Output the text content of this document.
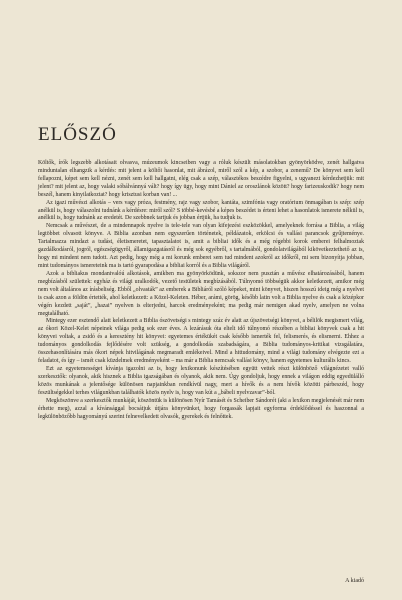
ELŐSZÓ

Költők, írók legszebb alkotásait olvasva, múzeumok kincseiben vagy a róluk készült másolatokban gyönyörködve, zenét hallgatva minduntalan elhangzik a kérdés: mit jelent a költői hasonlat, mit ábrázol, miről szól a kép, a szobor, a zenemű? De könyvet sem kell fellapozni, képet sem kell nézni, zenét sem kell hallgatni, elég csak a szép, választékos beszédre figyelni, s ugyanezt kérdezhetjük: mit jelent? mit jelent az, hogy valaki sóbálvánnyá vált? hogy így ügy, hogy mint Dániel az oroszlánok között? hogy farizeuskodik? hogy nem beszél, hanem kinyilatkoztat? hogy krisztusi korban van! ...

Az igazi művészi alkotás – vers vagy próza, festmény, rajz vagy szobor, kantáta, szimfónia vagy oratórium önmagában is szép: szép anélkül is, hogy válaszolni tudnánk a kérdésre: miről szól? S többé-kevésbé a képes beszédet is érteni lehet a hasonlatok ismerete nélkül is, anélkül is, hogy tudnánk az eredetét. De szebbnek tartjuk és jobban értjük, ha tudjuk is.

Nemcsak a művészet, de a mindennapok nyelve is tele-tele van olyan kifejezési eszközökkel, amelyeknek forrása a Biblia, a világ legtöbbet olvasott könyve. A Biblia azonban nem egyszerűen történetek, példázatok, erkölcsi és vallási parancsok gyűjteménye. Tartalmazza mindazt a tudást, életismeretet, tapasztalatot is, amit a bibliai idők és a még régebbi korok emberei felhalmoztak gazdálkodásról, jogról, egészségügyről, államigazgatásról és még sok egyébről, s tartalmából, gondolatvilágából kikövetkeztethető az is, hogy mi mindent nem tudott. Azt pedig, hogy még a mi korunk emberei sem tud mindent azokról az időkről, mi sem bizonyítja jobban, mint tudományos ismereteink ma is tartó gyarapodása a bibliai korról és a Biblia világáról.

Azok a bibliakus mondanivalóú alkotások, amikben ma gyönyörködünk, sokszor nem pusztán a művész elhatározásából, hanem megbízásból születtek: egyház és világi uralkodók, vezető testületek megbízásából. Túlnyomó többségük akkor keletkezett, amikor még nem volt általános az írásbeliség. Ebből „olvasták” az emberek a Bibliáról szóló képeket, mint könyvet, hiszen hosszú ideig még a nyelvet is csak azon a földön értették, ahol keletkezett: a Közel-Keleten. Héber, arámi, görög, később latin volt a Biblia nyelve és csak a középkor végén kezdett „saját”, „hazai” nyelven is elterjedni, harcok eredményeként; ma pedig már nemigen akad nyelv, amelyen ne volna megtalálható.

Mintegy ezer esztendő alatt keletkezett a Biblia ószövetségi s mintegy száz év alatt az újszövetségi könyvei, a bélilök megismert világ, az ókori Közel-Kelet népeinek világa pedig sok ezer éves. A lezárásuk óta eltelt idő túlnyomó részében a bibliai könyvek csak a hit könyvei voltak, a zsidó és a keresztény hit könyvei: egyetemes értékükét csak később ismerték fel, felismerés, és elismerni. Ehhez a tudományos gondolkodás fejlődésére volt szükség, a gondolkodás szabadságára, a Biblia tudományos-kritikai vizsgálatára, összehasonlítására más ókori népek hitvilágának megmaradt emlékeivel. Mind a hittudomány, mind a világi tudomány elvégezte ezt a feladatot, és így – ismét csak küzdelmek eredményeként – ma már a Biblia nemcsak vallási könyv, hanem egyetemes kulturális kincs.

Ezt az egyetemességet kívánja igazolni az is, hogy lexikonunk készítésében együtt vettek részt különböző világnézetet valló szerkesztők: olyanok, akik hisznek a Biblia igazságában és olyanok, akik nem. Úgy gondoljuk, hogy ennek a világon eddig egyedülálló közös munkának a jelentősége különösen napjainkban rendkívül nagy, mert a hívők és a nem hívők közötti párbeszéd, hogy feszültségekkel terhes világunkban találhatók közös nyelv is, hogy van kút a „bábeli nyelvzavar”-ból.

Megköszönve a szerkesztők munkáját, köszöntük is különösen Nyír Tamásét és Scheiber Sándorét (aki a lexikon megjelenését már nem érhette meg), azzal a kívánsággal bocsátjuk útjára könyvünket, hogy forgassák lapjait egyforma érdeklődéssel és haszonnal a legkülönbözőbb hagyományú szerint felnevelkedett olvasók, gyerekek és felnőttek.

A kiadó
